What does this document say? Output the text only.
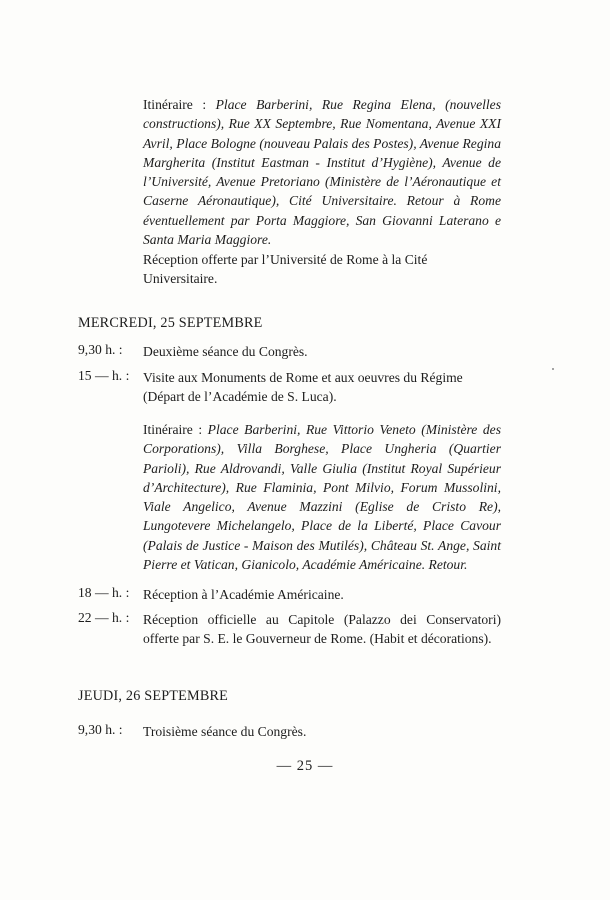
Itinéraire : Place Barberini, Rue Regina Elena, (nouvelles constructions), Rue XX Septembre, Rue Nomentana, Avenue XXI Avril, Place Bologne (nouveau Palais des Postes), Avenue Regina Margherita (Institut Eastman - Institut d’Hygiène), Avenue de l’Université, Avenue Pretoriano (Ministère de l’Aéronautique et Caserne Aéronautique), Cité Universitaire. Retour à Rome éventuellement par Porta Maggiore, San Giovanni Laterano e Santa Maria Maggiore.
Réception offerte par l’Université de Rome à la Cité Universitaire.
MERCREDI, 25 SEPTEMBRE
9,30 h. : Deuxième séance du Congrès.
15 — h. : Visite aux Monuments de Rome et aux oeuvres du Régime (Départ de l’Académie de S. Luca).
Itinéraire : Place Barberini, Rue Vittorio Veneto (Ministère des Corporations), Villa Borghese, Place Ungheria (Quartier Parioli), Rue Aldrovandi, Valle Giulia (Institut Royal Supérieur d’Architecture), Rue Flaminia, Pont Milvio, Forum Mussolini, Viale Angelico, Avenue Mazzini (Eglise de Cristo Re), Lungotevere Michelangelo, Place de la Liberté, Place Cavour (Palais de Justice - Maison des Mutilés), Château St. Ange, Saint Pierre et Vatican, Gianicolo, Académie Américaine. Retour.
18 — h. : Réception à l’Académie Américaine.
22 — h. : Réception officielle au Capitole (Palazzo dei Conservatori) offerte par S. E. le Gouverneur de Rome. (Habit et décorations).
JEUDI, 26 SEPTEMBRE
9,30 h. : Troisième séance du Congrès.
— 25 —
